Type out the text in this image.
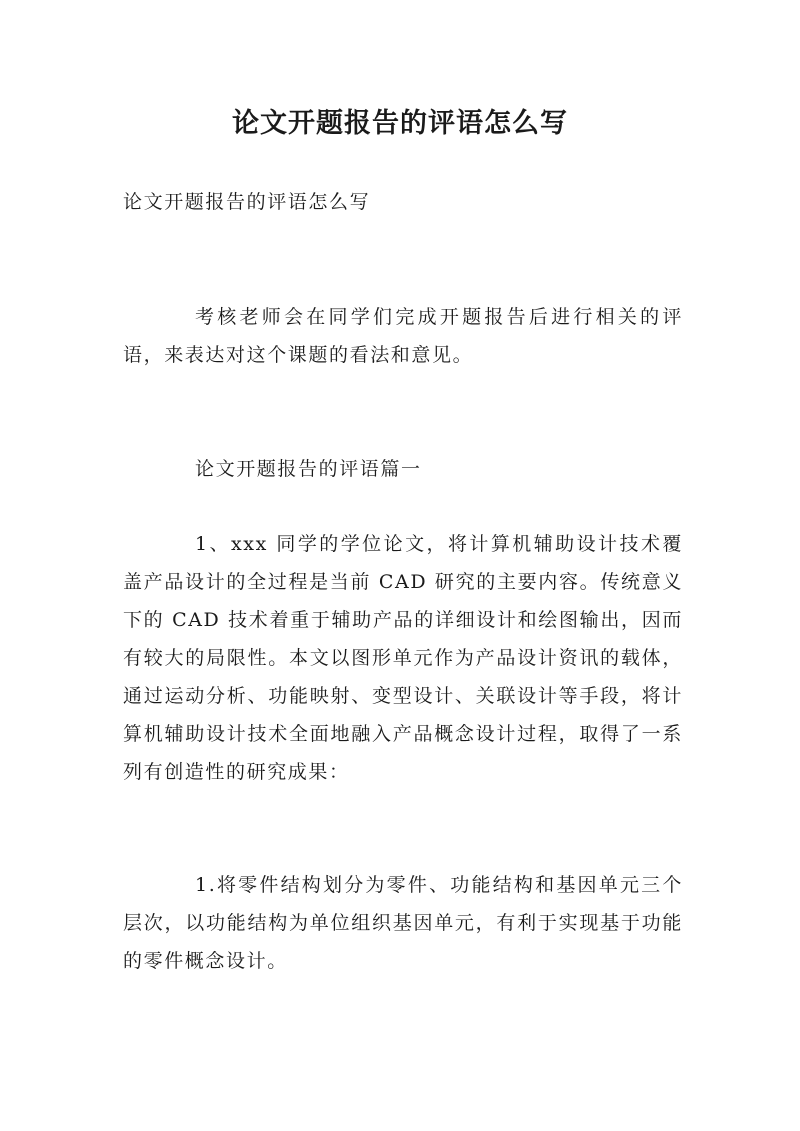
论文开题报告的评语怎么写

论文开题报告的评语怎么写

考核老师会在同学们完成开题报告后进行相关的评语，来表达对这个课题的看法和意见。

论文开题报告的评语篇一

1、xxx 同学的学位论文，将计算机辅助设计技术覆盖产品设计的全过程是当前 CAD 研究的主要内容。传统意义下的 CAD 技术着重于辅助产品的详细设计和绘图输出，因而有较大的局限性。本文以图形单元作为产品设计资讯的载体，通过运动分析、功能映射、变型设计、关联设计等手段，将计算机辅助设计技术全面地融入产品概念设计过程，取得了一系列有创造性的研究成果：

1.将零件结构划分为零件、功能结构和基因单元三个层次，以功能结构为单位组织基因单元，有利于实现基于功能的零件概念设计。
